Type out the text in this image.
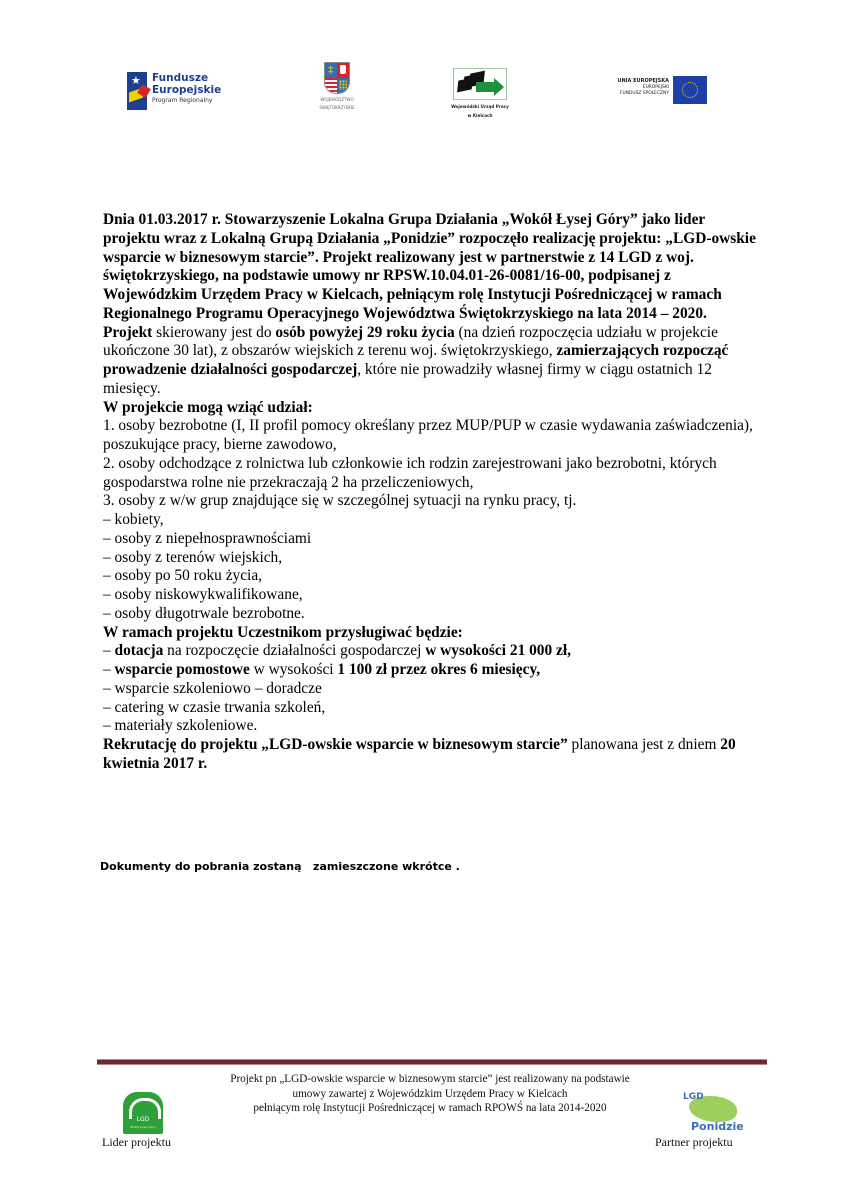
★ Fundusze
Europejskie
Program Regionalny
‡
WOJEWÓDZTWO
ŚWIĘTOKRZYSKIE	Wojewódzki Urząd Pracy
w Kielcach
UNIA EUROPEJSKA
EUROPEJSKI
FUNDUSZ SPOŁECZNY

Dnia 01.03.2017 r. Stowarzyszenie Lokalna Grupa Działania „Wokół Łysej Góry” jako lider projektu wraz z Lokalną Grupą Działania „Ponidzie” rozpoczęło realizację projektu: „LGD-owskie wsparcie w biznesowym starcie”. Projekt realizowany jest w partnerstwie z 14 LGD z woj. świętokrzyskiego, na podstawie umowy nr RPSW.10.04.01-26-0081/16-00, podpisanej z Wojewódzkim Urzędem Pracy w Kielcach, pełniącym rolę Instytucji Pośredniczącej w ramach Regionalnego Programu Operacyjnego Województwa Świętokrzyskiego na lata 2014 – 2020.

Projekt skierowany jest do osób powyżej 29 roku życia (na dzień rozpoczęcia udziału w projekcie ukończone 30 lat), z obszarów wiejskich z terenu woj. świętokrzyskiego, zamierzających rozpocząć prowadzenie działalności gospodarczej, które nie prowadziły własnej firmy w ciągu ostatnich 12 miesięcy.

W projekcie mogą wziąć udział:

1. osoby bezrobotne (I, II profil pomocy określany przez MUP/PUP w czasie wydawania zaświadczenia), poszukujące pracy, bierne zawodowo,

2. osoby odchodzące z rolnictwa lub członkowie ich rodzin zarejestrowani jako bezrobotni, których gospodarstwa rolne nie przekraczają 2 ha przeliczeniowych,

3. osoby z w/w grup znajdujące się w szczególnej sytuacji na rynku pracy, tj.

– kobiety,

– osoby z niepełnosprawnościami

– osoby z terenów wiejskich,

– osoby po 50 roku życia,

– osoby niskowykwalifikowane,

– osoby długotrwale bezrobotne.

W ramach projektu Uczestnikom przysługiwać będzie:

– dotacja na rozpoczęcie działalności gospodarczej w wysokości 21 000 zł,

– wsparcie pomostowe w wysokości 1 100 zł przez okres 6 miesięcy,

– wsparcie szkoleniowo – doradcze

– catering w czasie trwania szkoleń,

– materiały szkoleniowe.

Rekrutację do projektu „LGD-owskie wsparcie w biznesowym starcie” planowana jest z dniem 20 kwietnia 2017 r.

Dokumenty do pobrania zostaną   zamieszczone wkrótce .
Projekt pn „LGD-owskie wsparcie w biznesowym starcie” jest realizowany na podstawie
umowy zawartej z Wojewódzkim Urzędem Pracy w Kielcach
pełniącym rolę Instytucji Pośredniczącej w ramach RPOWŚ na lata 2014-2020
LGD
Wokół Łysej Góry
Lider projektu
LGD
Ponidzie
Partner projektu
